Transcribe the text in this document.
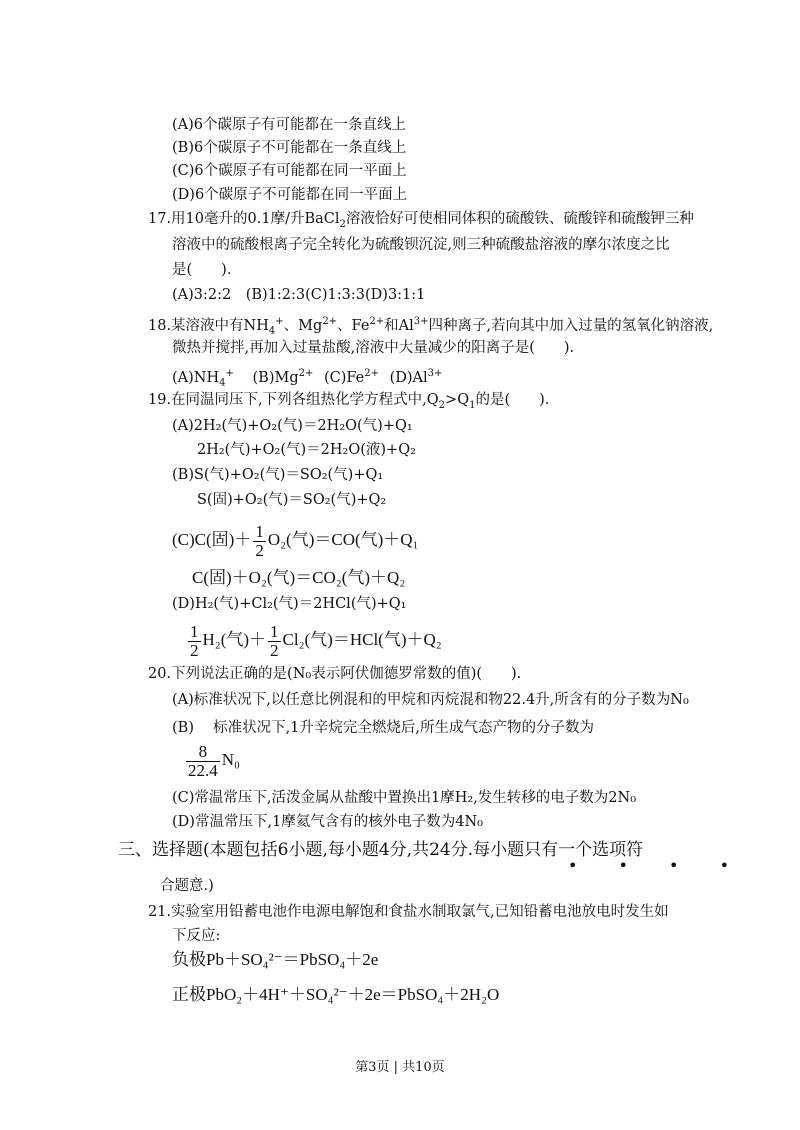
(A)6个碳原子有可能都在一条直线上
(B)6个碳原子不可能都在一条直线上
(C)6个碳原子有可能都在同一平面上
(D)6个碳原子不可能都在同一平面上
17.用10毫升的0.1摩/升BaCl$_2$溶液恰好可使相同体积的硫酸铁、硫酸锌和硫酸钾三种
溶液中的硫酸根离子完全转化为硫酸钡沉淀,则三种硫酸盐溶液的摩尔浓度之比
是(　　).
(A)3:2:2　(B)1:2:3(C)1:3:3(D)3:1:1
18.某溶液中有$NH_4^+$、$Mg^{2+}$、$Fe^{2+}$和$Al^{3+}$四种离子,若向其中加入过量的氢氧化钠溶液,
微热并搅拌,再加入过量盐酸,溶液中大量减少的阳离子是(　　).
$(A)NH_4^+$ $(B)Mg^{2+}$ $(C)Fe^{2+}$ $(D)Al^{3+}$
19.在同温同压下,下列各组热化学方程式中$,Q_2>Q_1$的是(　　).
(A)2H₂(气)+O₂(气)＝2H₂O(气)+Q₁
2H₂(气)+O₂(气)＝2H₂O(液)+Q₂
(B)S(气)+O₂(气)＝SO₂(气)+Q₁
S(固)+O₂(气)＝SO₂(气)+Q₂
(C)C(固)＋ $\frac{1}{2} O_2$(气)＝CO(气)＋Q₁
C(固)＋O₂(气)＝CO₂(气)＋Q₂
(D)H₂(气)+Cl₂(气)＝2HCl(气)+Q₁
$\frac{1}{2} H_2$(气)＋ $\frac{1}{2} Cl_2$(气)＝HCl(气)＋Q₂
20.下列说法正确的是(N₀表示阿伏伽德罗常数的值)(　　).
(A)标准状况下,以任意比例混和的甲烷和丙烷混和物22.4升,所含有的分子数为N₀
(B)　 标准状况下,1升辛烷完全燃烧后,所生成气态产物的分子数为
$\frac{8}{22.4} N_0$
(C)常温常压下,活泼金属从盐酸中置换出1摩H₂,发生转移的电子数为2N₀
(D)常温常压下,1摩氦气含有的核外电子数为4N₀
三、选择题(本题包括6小题,每小题4分,共24分.每小题只有一个选项符
• • • •
合题意.)
21.实验室用铅蓄电池作电源电解饱和食盐水制取氯气,已知铅蓄电池放电时发生如
下反应:
负极Pb＋SO₄²⁻＝PbSO₄＋2e
正极PbO₂＋4H⁺＋SO₄²⁻＋2e＝PbSO₄＋2H₂O
第3页 | 共10页
